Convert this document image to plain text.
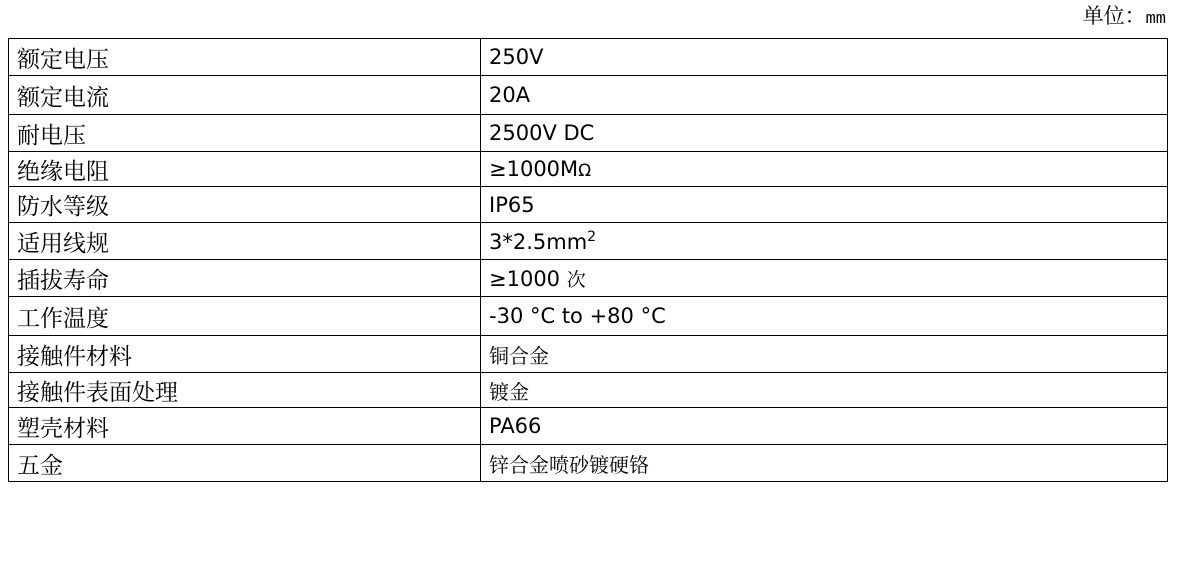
单位：mm
额定电压	250V
额定电流	20A
耐电压	2500V DC
绝缘电阻	≥1000MΩ
防水等级	IP65
适用线规	$3*2.5mm^2$
插拔寿命	≥1000 次
工作温度	-30 °C to +80 °C
接触件材料	铜合金
接触件表面处理	镀金
塑壳材料	PA66
五金	锌合金喷砂镀硬铬
